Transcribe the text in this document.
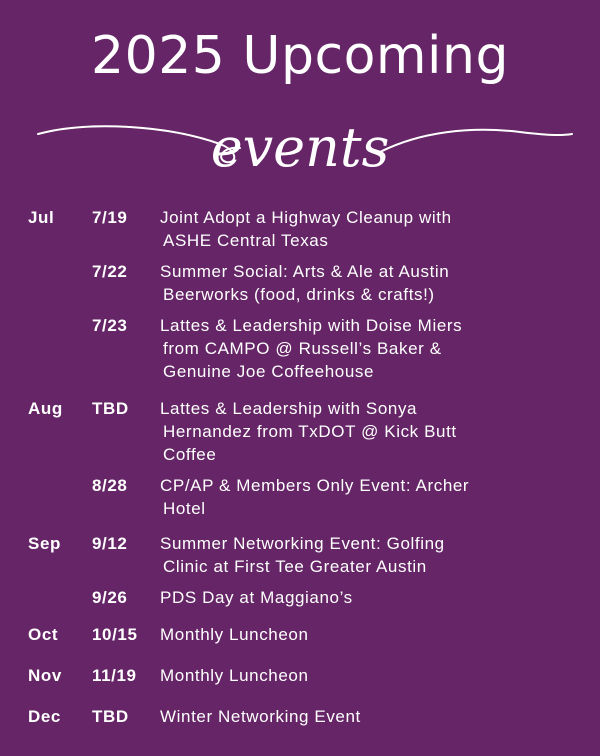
2025 Upcoming
events
Jul 7/19	Joint Adopt a Highway Cleanup with
ASHE Central Texas
7/22	Summer Social: Arts & Ale at Austin
Beerworks (food, drinks & crafts!)
7/23	Lattes & Leadership with Doise Miers
from CAMPO @ Russell’s Baker &
Genuine Joe Coffeehouse
Aug TBD	Lattes & Leadership with Sonya
Hernandez from TxDOT @ Kick Butt
Coffee
8/28	CP/AP & Members Only Event: Archer
Hotel
Sep 9/12	Summer Networking Event: Golfing
Clinic at First Tee Greater Austin
9/26	PDS Day at Maggiano’s
Oct 10/15	Monthly Luncheon
Nov 11/19	Monthly Luncheon
Dec TBD	Winter Networking Event
